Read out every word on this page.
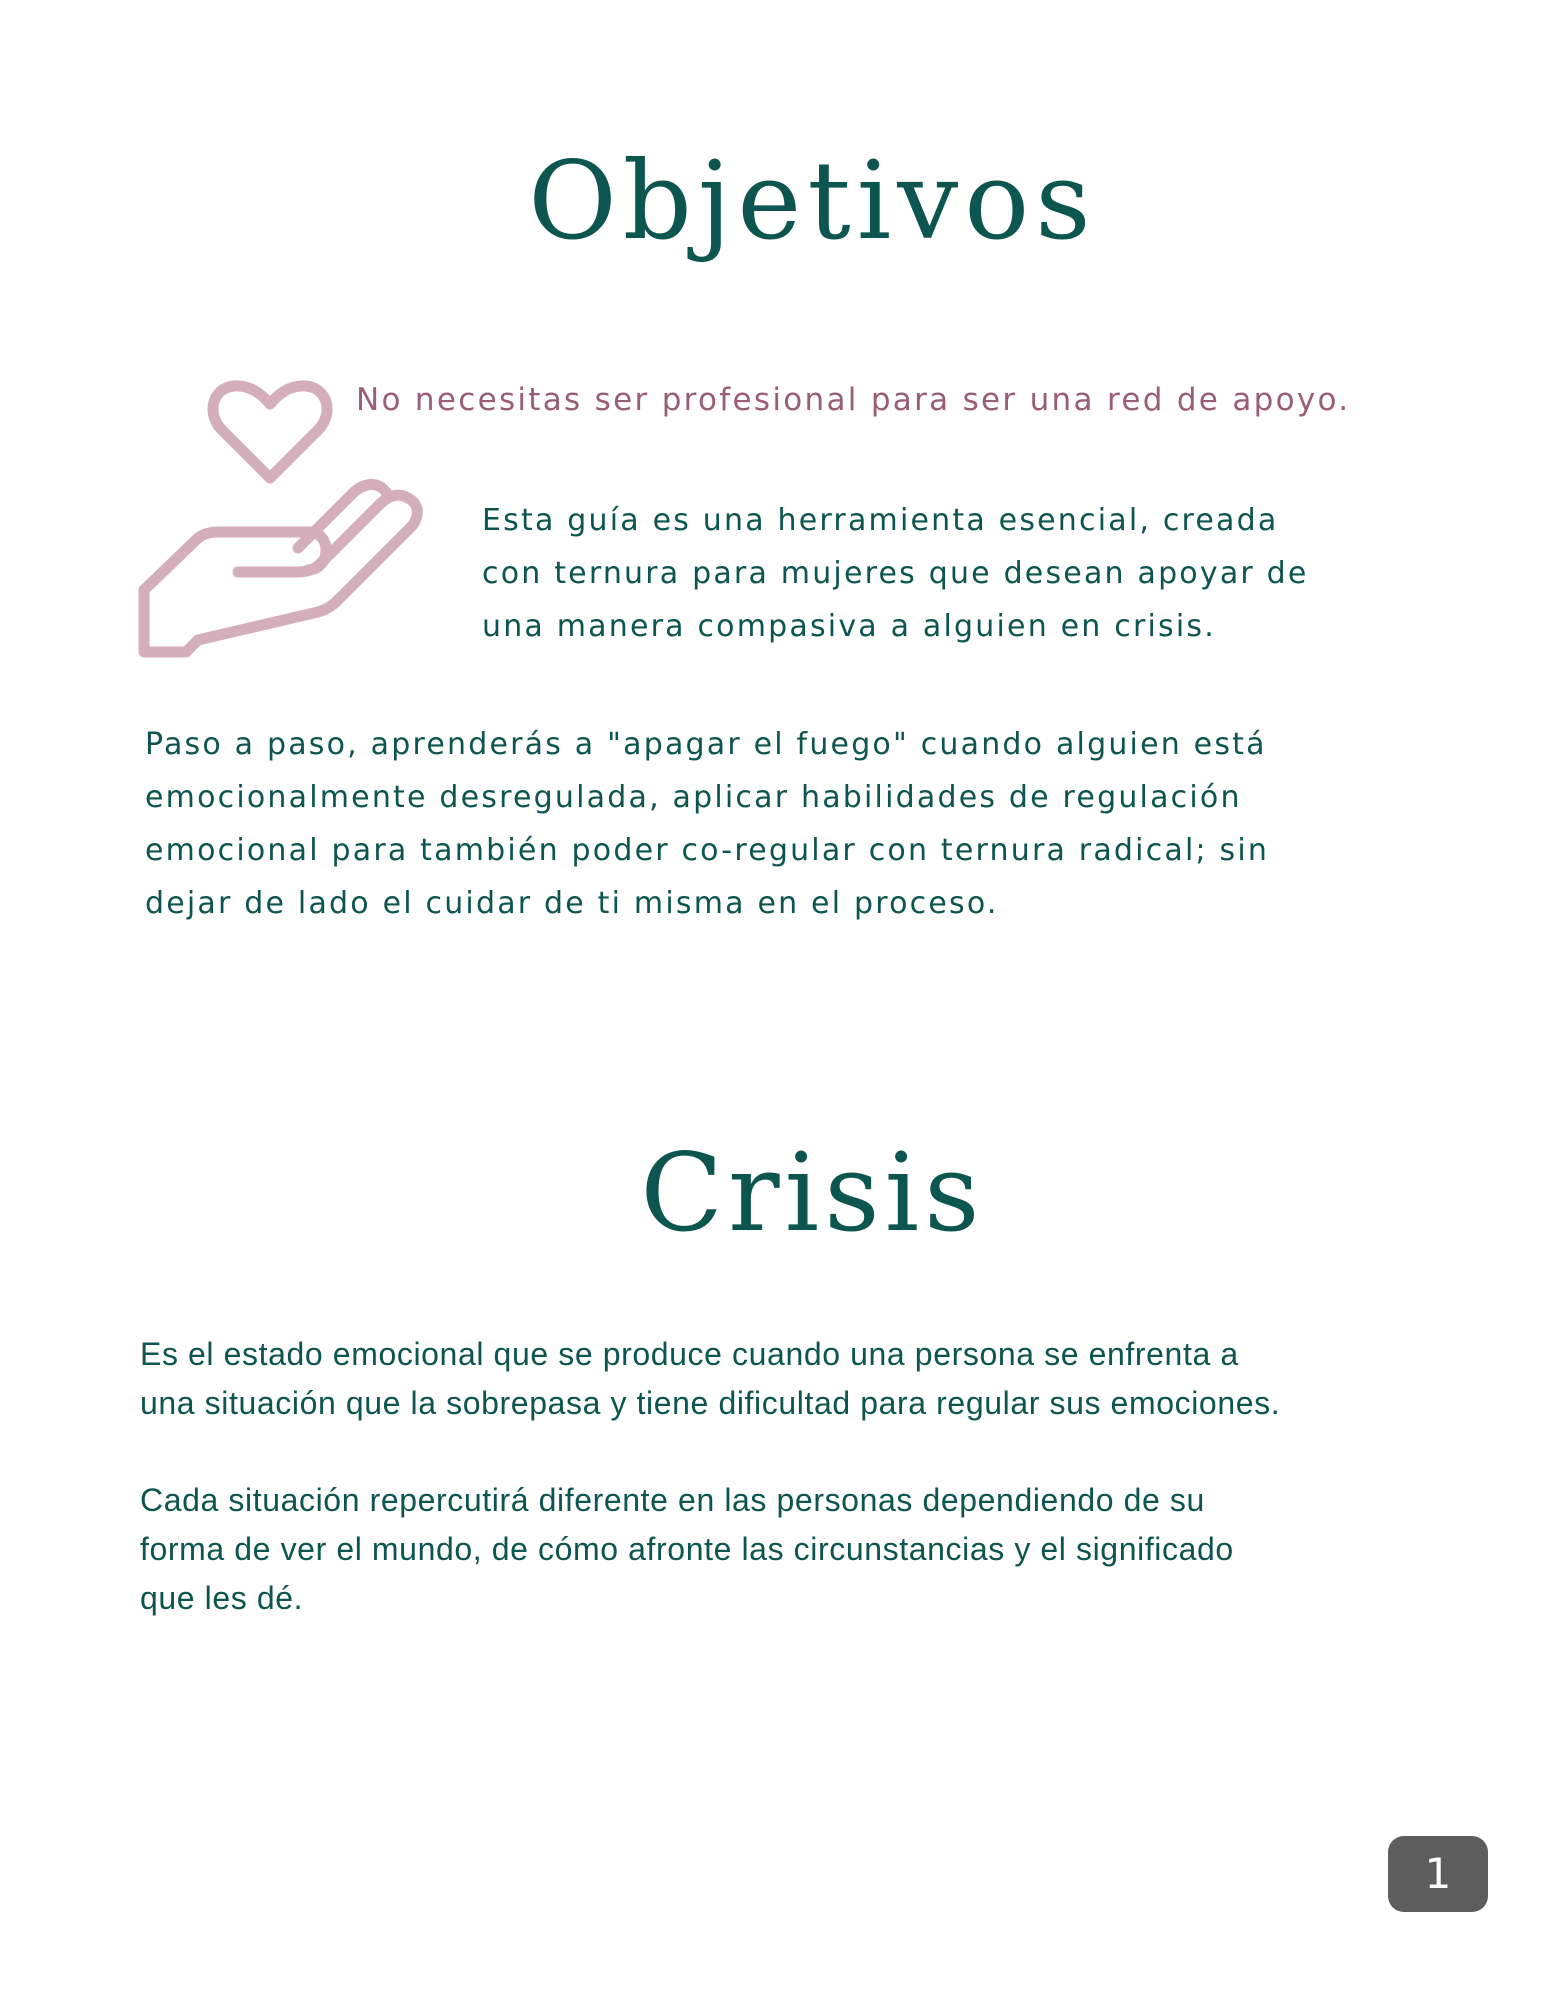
Objetivos

No necesitas ser profesional para ser una red de apoyo.

Esta guía es una herramienta esencial, creada
con ternura para mujeres que desean apoyar de
una manera compasiva a alguien en crisis.

Paso a paso, aprenderás a "apagar el fuego" cuando alguien está
emocionalmente desregulada, aplicar habilidades de regulación
emocional para también poder co-regular con ternura radical; sin
dejar de lado el cuidar de ti misma en el proceso.

Crisis

Es el estado emocional que se produce cuando una persona se enfrenta a
una situación que la sobrepasa y tiene dificultad para regular sus emociones.

Cada situación repercutirá diferente en las personas dependiendo de su
forma de ver el mundo, de cómo afronte las circunstancias y el significado
que les dé.

1
